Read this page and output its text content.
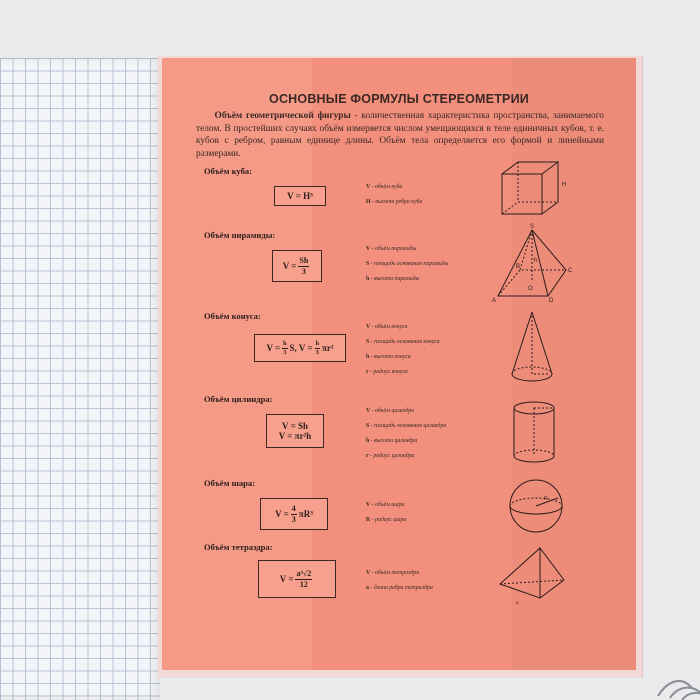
ОСНОВНЫЕ ФОРМУЛЫ СТЕРЕОМЕТРИИ
Объём геометрической фигуры - количественная характеристика пространства, занимаемого телом. В простейших случаях объём измеряется числом умещающихся в теле единичных кубов, т. е. кубов с ребром, равным единице длины. Объём тела определяется его формой и линейными размерами.
Объём куба:
V = H³
V - объём куба
H - высота ребра куба
H
Объём пирамиды:
$V = \frac{Sh}{3}$
V - объём пирамиды
S - площадь основания пирамиды
h - высота пирамиды
S
B
h
C
O
A	D
Объём конуса:
$V = \frac{h}{3} S$, $V = \frac{h}{3} \pi r^2$
V - объём конуса
S - площадь основания конуса
h - высота конуса
r - радиус конуса
Объём цилиндра:
V = Sh
V = πr²h
V - объём цилиндра
S - площадь основания цилиндра
h - высота цилиндра
r - радиус цилиндра
Объём шара:
$V = \frac{4}{3} \pi R^3$
V - объём шара
R - радиус шара
R
Объём тетраэдра:
$V = \frac{\text{a³√2}}{12}$	V - объём тетраэдра
a - длина ребра тетраэдра
a
